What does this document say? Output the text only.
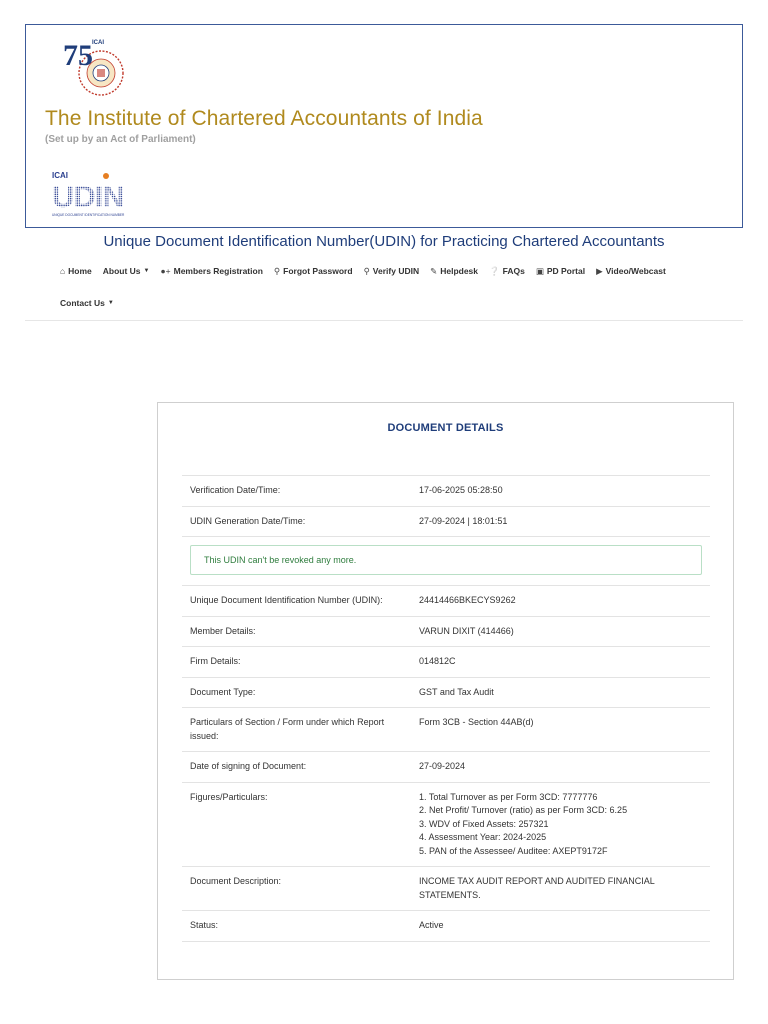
75 ICAI
The Institute of Chartered Accountants of India
(Set up by an Act of Parliament)
ICAI
UDIN
UNIQUE DOCUMENT IDENTIFICATION NUMBER
Unique Document Identification Number(UDIN) for Practicing Chartered Accountants
⌂ Home About Us ▼ ●+ Members Registration ⚲ Forgot Password ⚲ Verify UDIN ✎ Helpdesk ❔ FAQs ▣ PD Portal ▶ Video/Webcast
Contact Us ▼
DOCUMENT DETAILS
Verification Date/Time:	17-06-2025 05:28:50
UDIN Generation Date/Time:	27-09-2024 | 18:01:51
This UDIN can't be revoked any more.
Unique Document Identification Number (UDIN):	24414466BKECYS9262
Member Details:	VARUN DIXIT (414466)
Firm Details:	014812C
Document Type:	GST and Tax Audit
Particulars of Section / Form under which Report issued:
Form 3CB - Section 44AB(d)
Date of signing of Document:	27-09-2024
Figures/Particulars:	1. Total Turnover as per Form 3CD: 7777776
2. Net Profit/ Turnover (ratio) as per Form 3CD: 6.25
3. WDV of Fixed Assets: 257321
4. Assessment Year: 2024-2025
5. PAN of the Assessee/ Auditee: AXEPT9172F
Document Description:	INCOME TAX AUDIT REPORT AND AUDITED FINANCIAL STATEMENTS.
Status:	Active
